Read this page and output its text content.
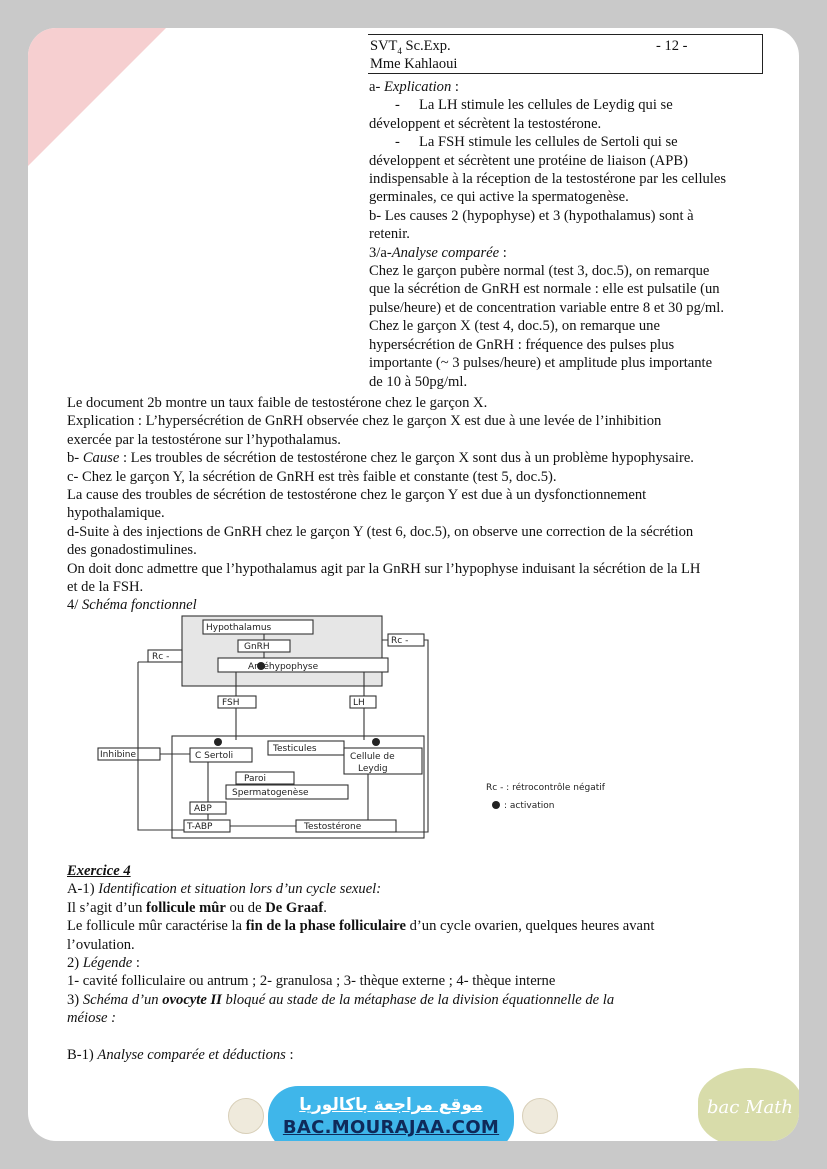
$SVT_4$ Sc.Exp.	- 12 -
Mme Kahlaoui

a- Explication :

- La LH stimule les cellules de Leydig qui se

développent et sécrètent la testostérone.

- La FSH stimule les cellules de Sertoli qui se

développent et sécrètent une protéine de liaison (APB)

indispensable à la réception de la testostérone par les cellules

germinales, ce qui active la spermatogenèse.

b- Les causes 2 (hypophyse) et 3 (hypothalamus) sont à

retenir.

3/a-Analyse comparée :

Chez le garçon pubère normal (test 3, doc.5), on remarque

que la sécrétion de GnRH est normale : elle est pulsatile (un

pulse/heure) et de concentration variable entre 8 et 30 pg/ml.

Chez le garçon X (test 4, doc.5), on remarque une

hypersécrétion de GnRH : fréquence des pulses plus

importante (~ 3 pulses/heure) et amplitude plus importante

de 10 à 50pg/ml.

Le document 2b montre un taux faible de testostérone chez le garçon X.

Explication : L’hypersécrétion de GnRH observée chez le garçon X est due à une levée de l’inhibition

exercée par la testostérone sur l’hypothalamus.

b- Cause : Les troubles de sécrétion de testostérone chez le garçon X sont dus à un problème hypophysaire.

c- Chez le garçon Y, la sécrétion de GnRH est très faible et constante (test 5, doc.5).

La cause des troubles de sécrétion de testostérone chez le garçon Y est due à un dysfonctionnement

hypothalamique.

d-Suite à des injections de GnRH chez le garçon Y (test 6, doc.5), on observe une correction de la sécrétion

des gonadostimulines.

On doit donc admettre que l’hypothalamus agit par la GnRH sur l’hypophyse induisant la sécrétion de la LH

et de la FSH.

4/ Schéma fonctionnel

Hypothalamus
GnRH
Antéhypophyse
FSH	LH
Rc -
Rc -
Inhibine	C Sertoli
Testicules
Cellule de
Leydig
Paroi
Spermatogenèse
ABP
T-ABP	Testostérone
Rc - : rétrocontrôle négatif
: activation

Exercice 4

A-1) Identification et situation lors d’un cycle sexuel:

Il s’agit d’un follicule mûr ou de De Graaf.

Le follicule mûr caractérise la fin de la phase folliculaire d’un cycle ovarien, quelques heures avant

l’ovulation.

2) Légende :

1- cavité folliculaire ou antrum ; 2- granulosa ; 3- thèque externe ; 4- thèque interne

3) Schéma d’un ovocyte II bloqué au stade de la métaphase de la division équationnelle de la

méiose :

B-1) Analyse comparée et déductions :

موقع مراجعة باكالوريا
BAC.MOURAJAA.COM
bac Math
